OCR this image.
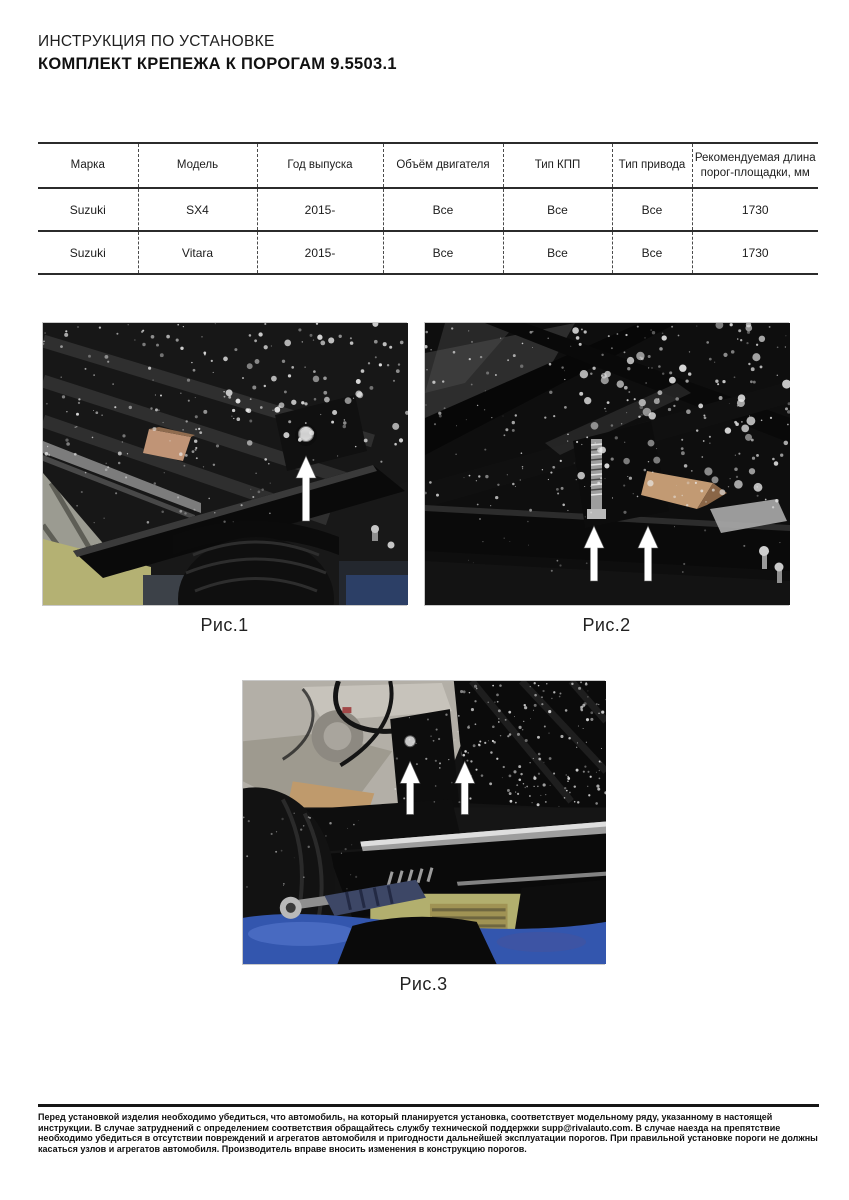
ИНСТРУКЦИЯ ПО УСТАНОВКЕ
КОМПЛЕКТ КРЕПЕЖА К ПОРОГАМ 9.5503.1
Марка	Модель	Год выпуска	Объём двигателя	Тип КПП	Тип привода	Рекомендуемая длина порог-площадки, мм
Suzuki	SX4	2015-	Все	Все	Все	1730
Suzuki	Vitara	2015-	Все	Все	Все	1730
Рис.1	Рис.2
Рис.3
Перед установкой изделия необходимо убедиться, что автомобиль, на который планируется установка, соответствует модельному ряду, указанному в настоящей инструкции. В случае затруднений с определением соответствия обращайтесь службу технической поддержки supp@rivalauto.com. В случае наезда на препятствие необходимо убедиться в отсутствии повреждений и агрегатов автомобиля и пригодности дальнейшей эксплуатации порогов. При правильной установке пороги не должны касаться узлов и агрегатов автомобиля. Производитель вправе вносить изменения в конструкцию порогов.
